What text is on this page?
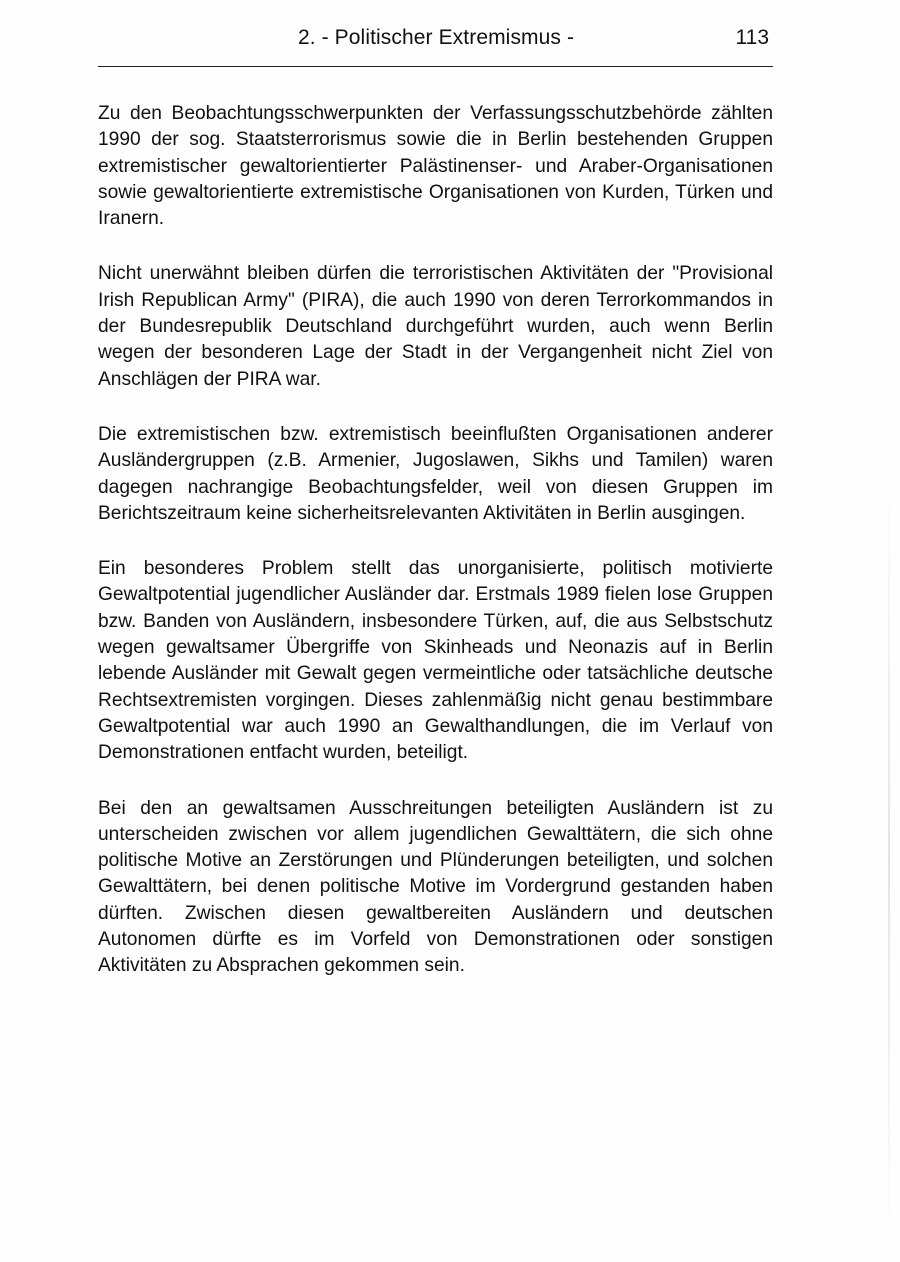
2. - Politischer Extremismus -	113

Zu den Beobachtungsschwerpunkten der Verfassungsschutzbehörde zählten 1990 der sog. Staatsterrorismus sowie die in Berlin bestehenden Gruppen extremistischer gewaltorientierter Palästinenser- und Araber-Organisationen sowie gewaltorientierte extremistische Organisationen von Kurden, Türken und Iranern.

Nicht unerwähnt bleiben dürfen die terroristischen Aktivitäten der "Provisional Irish Republican Army" (PIRA), die auch 1990 von deren Terrorkommandos in der Bundesrepublik Deutschland durchgeführt wurden, auch wenn Berlin wegen der besonderen Lage der Stadt in der Vergangenheit nicht Ziel von Anschlägen der PIRA war.

Die extremistischen bzw. extremistisch beeinflußten Organisationen anderer Ausländergruppen (z.B. Armenier, Jugoslawen, Sikhs und Tamilen) waren dagegen nachrangige Beobachtungsfelder, weil von diesen Gruppen im Berichtszeitraum keine sicherheitsrelevanten Aktivitäten in Berlin ausgingen.

Ein besonderes Problem stellt das unorganisierte, politisch motivierte Gewaltpotential jugendlicher Ausländer dar. Erstmals 1989 fielen lose Gruppen bzw. Banden von Ausländern, insbesondere Türken, auf, die aus Selbstschutz wegen gewaltsamer Übergriffe von Skinheads und Neonazis auf in Berlin lebende Ausländer mit Gewalt gegen vermeintliche oder tatsächliche deutsche Rechtsextremisten vorgingen. Dieses zahlenmäßig nicht genau bestimmbare Gewaltpotential war auch 1990 an Gewalthandlungen, die im Verlauf von Demonstrationen entfacht wurden, beteiligt.

Bei den an gewaltsamen Ausschreitungen beteiligten Ausländern ist zu unterscheiden zwischen vor allem jugendlichen Gewalttätern, die sich ohne politische Motive an Zerstörungen und Plünderungen beteiligten, und solchen Gewalttätern, bei denen politische Motive im Vordergrund gestanden haben dürften. Zwischen diesen gewaltbereiten Ausländern und deutschen Autonomen dürfte es im Vorfeld von Demonstrationen oder sonstigen Aktivitäten zu Absprachen gekommen sein.
